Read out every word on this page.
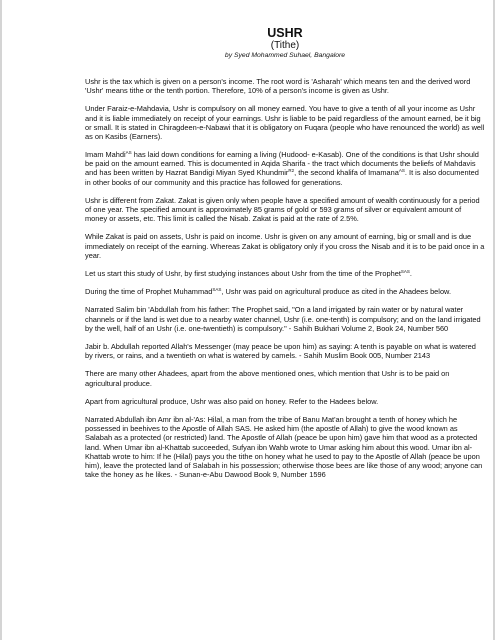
USHR
(Tithe)
by Syed Mohammed Suhael, Bangalore

Ushr is the tax which is given on a person's income. The root word is 'Asharah' which means ten and the derived word 'Ushr' means tithe or the tenth portion. Therefore, 10% of a person's income is given as Ushr.

Under Faraiz-e-Mahdavia, Ushr is compulsory on all money earned. You have to give a tenth of all your income as Ushr and it is liable immediately on receipt of your earnings. Ushr is liable to be paid regardless of the amount earned, be it big or small. It is stated in Chiragdeen-e-Nabawi that it is obligatory on Fuqara (people who have renounced the world) as well as on Kasibs (Earners).

Imam Mahdi$^{AS}$ has laid down conditions for earning a living (Hudood- e-Kasab). One of the conditions is that Ushr should be paid on the amount earned. This is documented in Aqida Sharifa - the tract which documents the beliefs of Mahdavis and has been written by Hazrat Bandigi Miyan Syed Khundmir$^{R2}$, the second khalifa of Imamana$^{AS}$. It is also documented in other books of our community and this practice has followed for generations.

Ushr is different from Zakat. Zakat is given only when people have a specified amount of wealth continuously for a period of one year. The specified amount is approximately 85 grams of gold or 593 grams of silver or equivalent amount of money or assets, etc. This limit is called the Nisab. Zakat is paid at the rate of 2.5%.

While Zakat is paid on assets, Ushr is paid on income. Ushr is given on any amount of earning, big or small and is due immediately on receipt of the earning. Whereas Zakat is obligatory only if you cross the Nisab and it is to be paid once in a year.

Let us start this study of Ushr, by first studying instances about Ushr from the time of the Prophet$^{SAS}$.

During the time of Prophet Muhammad$^{SAS}$, Ushr was paid on agricultural produce as cited in the Ahadees below.

Narrated Salim bin 'Abdullah from his father: The Prophet said, "On a land irrigated by rain water or by natural water channels or if the land is wet due to a nearby water channel, Ushr (i.e. one-tenth) is compulsory; and on the land irrigated by the well, half of an Ushr (i.e. one-twentieth) is compulsory." - Sahih Bukhari Volume 2, Book 24, Number 560

Jabir b. Abdullah reported Allah's Messenger (may peace be upon him) as saying: A tenth is payable on what is watered by rivers, or rains, and a twentieth on what is watered by camels. - Sahih Muslim Book 005, Number 2143

There are many other Ahadees, apart from the above mentioned ones, which mention that Ushr is to be paid on agricultural produce.

Apart from agricultural produce, Ushr was also paid on honey. Refer to the Hadees below.

Narrated Abdullah ibn Amr ibn al-'As: Hilal, a man from the tribe of Banu Mat'an brought a tenth of honey which he possessed in beehives to the Apostle of Allah SAS. He asked him (the apostle of Allah) to give the wood known as Salabah as a protected (or restricted) land. The Apostle of Allah (peace be upon him) gave him that wood as a protected land. When Umar ibn al-Khattab succeeded, Sufyan ibn Wahb wrote to Umar asking him about this wood. Umar ibn al-Khattab wrote to him: If he (Hilal) pays you the tithe on honey what he used to pay to the Apostle of Allah (peace be upon him), leave the protected land of Salabah in his possession; otherwise those bees are like those of any wood; anyone can take the honey as he likes. - Sunan-e-Abu Dawood Book 9, Number 1596
